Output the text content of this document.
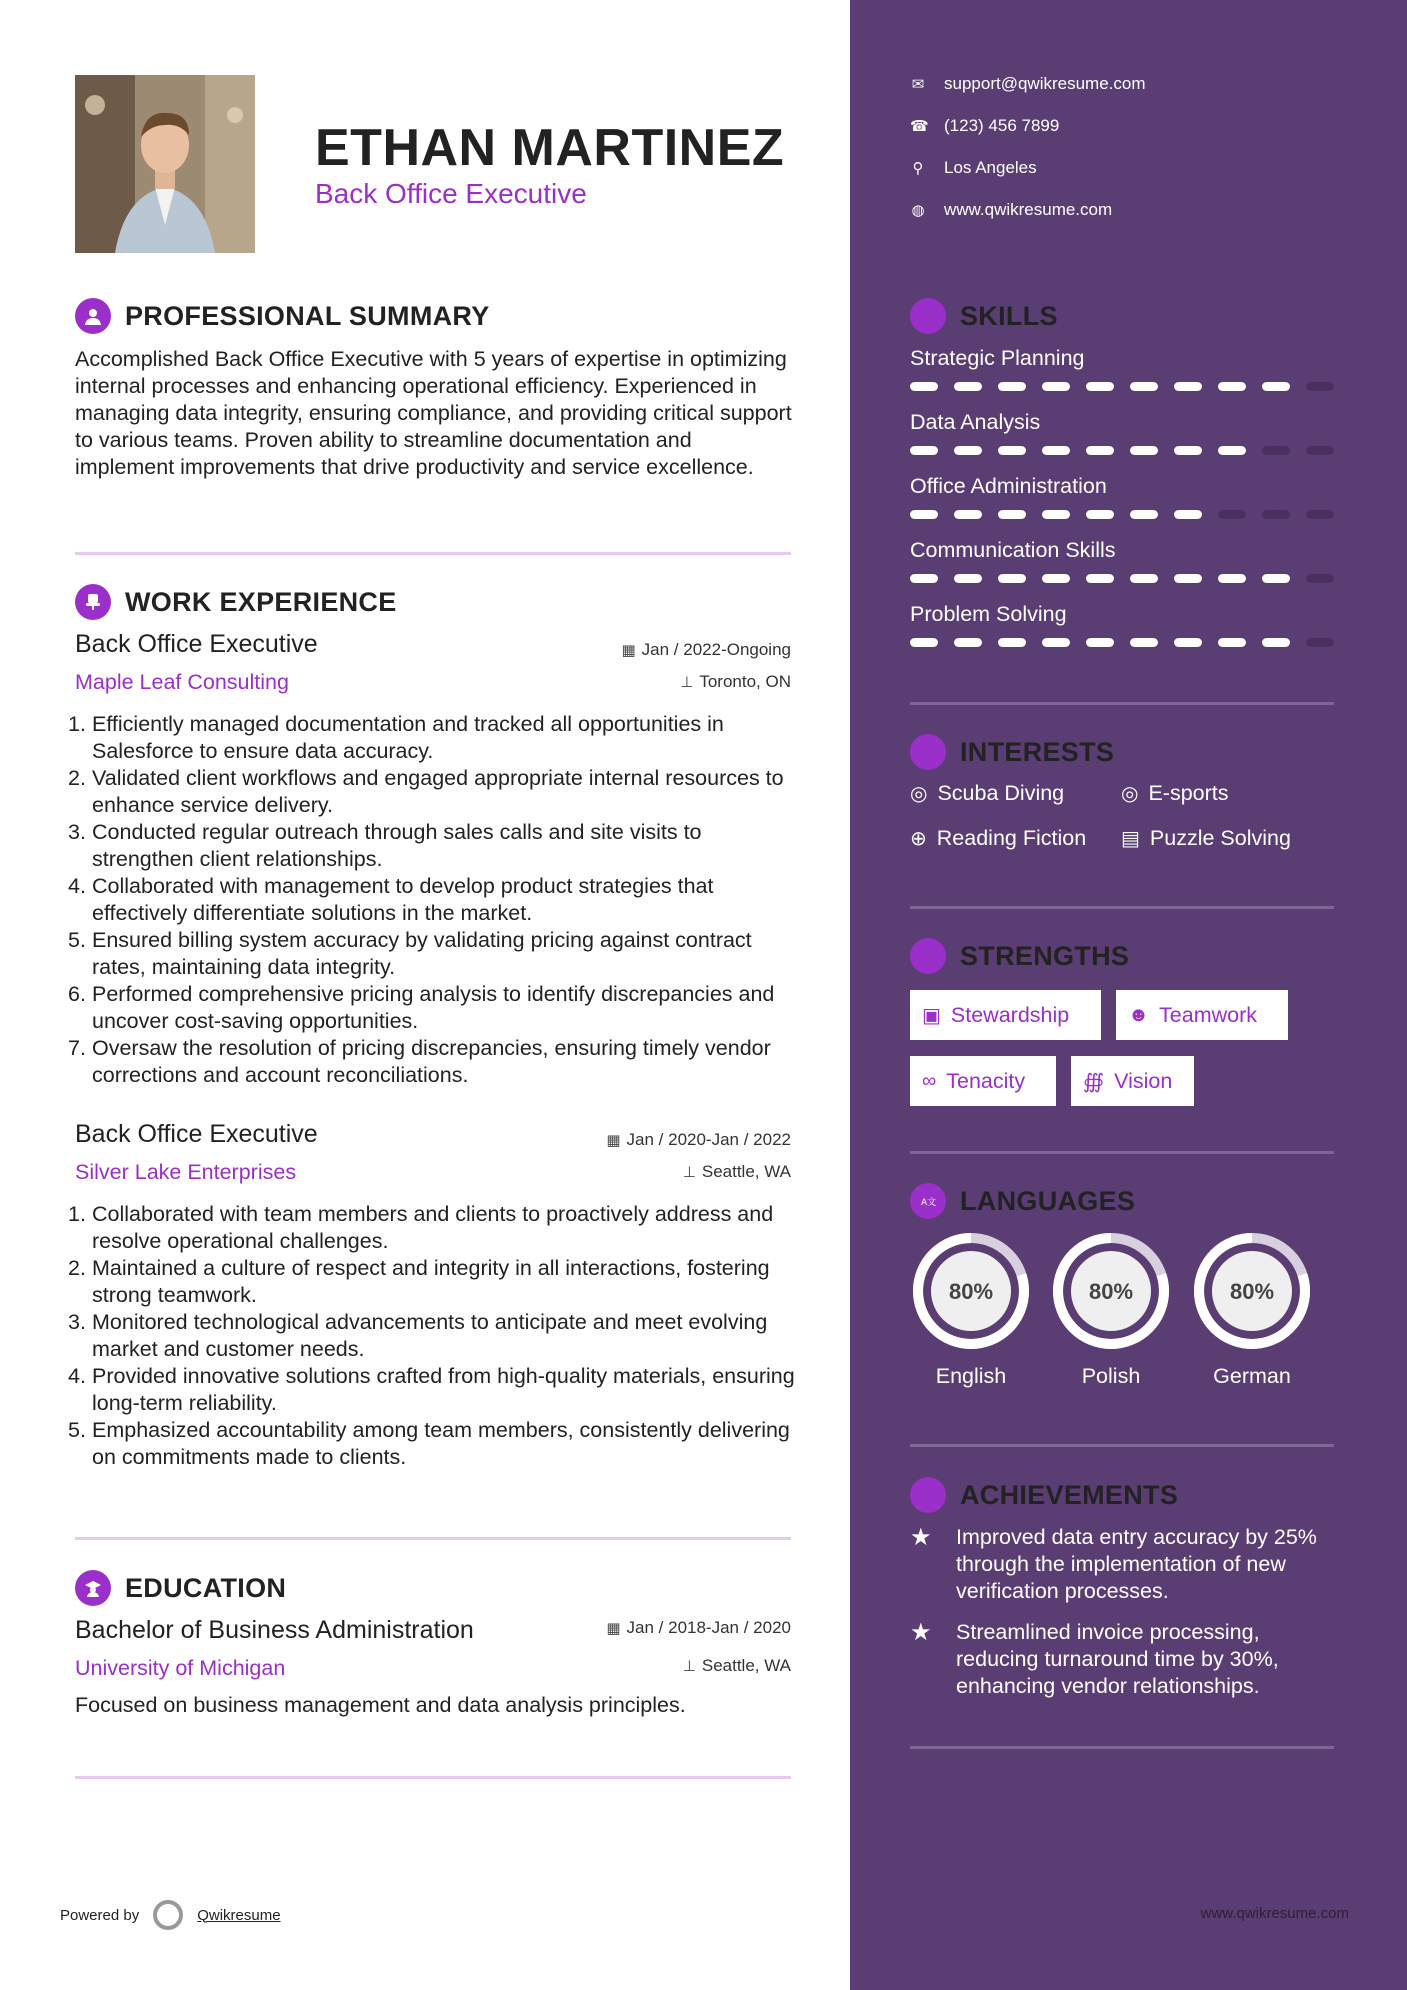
ETHAN MARTINEZ
Back Office Executive
PROFESSIONAL SUMMARY
Accomplished Back Office Executive with 5 years of expertise in optimizing internal processes and enhancing operational efficiency. Experienced in managing data integrity, ensuring compliance, and providing critical support to various teams. Proven ability to streamline documentation and implement improvements that drive productivity and service excellence.
WORK EXPERIENCE
Back Office Executive	▦ Jan / 2022-Ongoing
Maple Leaf Consulting	⊥ Toronto, ON
1. Efficiently managed documentation and tracked all opportunities in Salesforce to ensure data accuracy.
2. Validated client workflows and engaged appropriate internal resources to enhance service delivery.
3. Conducted regular outreach through sales calls and site visits to strengthen client relationships.
4. Collaborated with management to develop product strategies that effectively differentiate solutions in the market.
5. Ensured billing system accuracy by validating pricing against contract rates, maintaining data integrity.
6. Performed comprehensive pricing analysis to identify discrepancies and uncover cost-saving opportunities.
7. Oversaw the resolution of pricing discrepancies, ensuring timely vendor corrections and account reconciliations.
Back Office Executive	▦ Jan / 2020-Jan / 2022
Silver Lake Enterprises	⊥ Seattle, WA
1. Collaborated with team members and clients to proactively address and resolve operational challenges.
2. Maintained a culture of respect and integrity in all interactions, fostering strong teamwork.
3. Monitored technological advancements to anticipate and meet evolving market and customer needs.
4. Provided innovative solutions crafted from high-quality materials, ensuring long-term reliability.
5. Emphasized accountability among team members, consistently delivering on commitments made to clients.
EDUCATION
Bachelor of Business Administration	▦ Jan / 2018-Jan / 2020
University of Michigan	⊥ Seattle, WA
Focused on business management and data analysis principles.
Powered by	Qwikresume
✉ support@qwikresume.com
☎ (123) 456 7899
⚲ Los Angeles
◍ www.qwikresume.com
SKILLS
Strategic Planning
Data Analysis
Office Administration
Communication Skills
Problem Solving
INTERESTS
◎ Scuba Diving	◎ E-sports
⊕ Reading Fiction ▤ Puzzle Solving
STRENGTHS
▣ Stewardship	☻ Teamwork
∞ Tenacity	∰ Vision
A文 LANGUAGES
80%
English
80%
Polish
80%
German
ACHIEVEMENTS
★	Improved data entry accuracy by 25% through the implementation of new verification processes.
★	Streamlined invoice processing, reducing turnaround time by 30%, enhancing vendor relationships.
www.qwikresume.com
